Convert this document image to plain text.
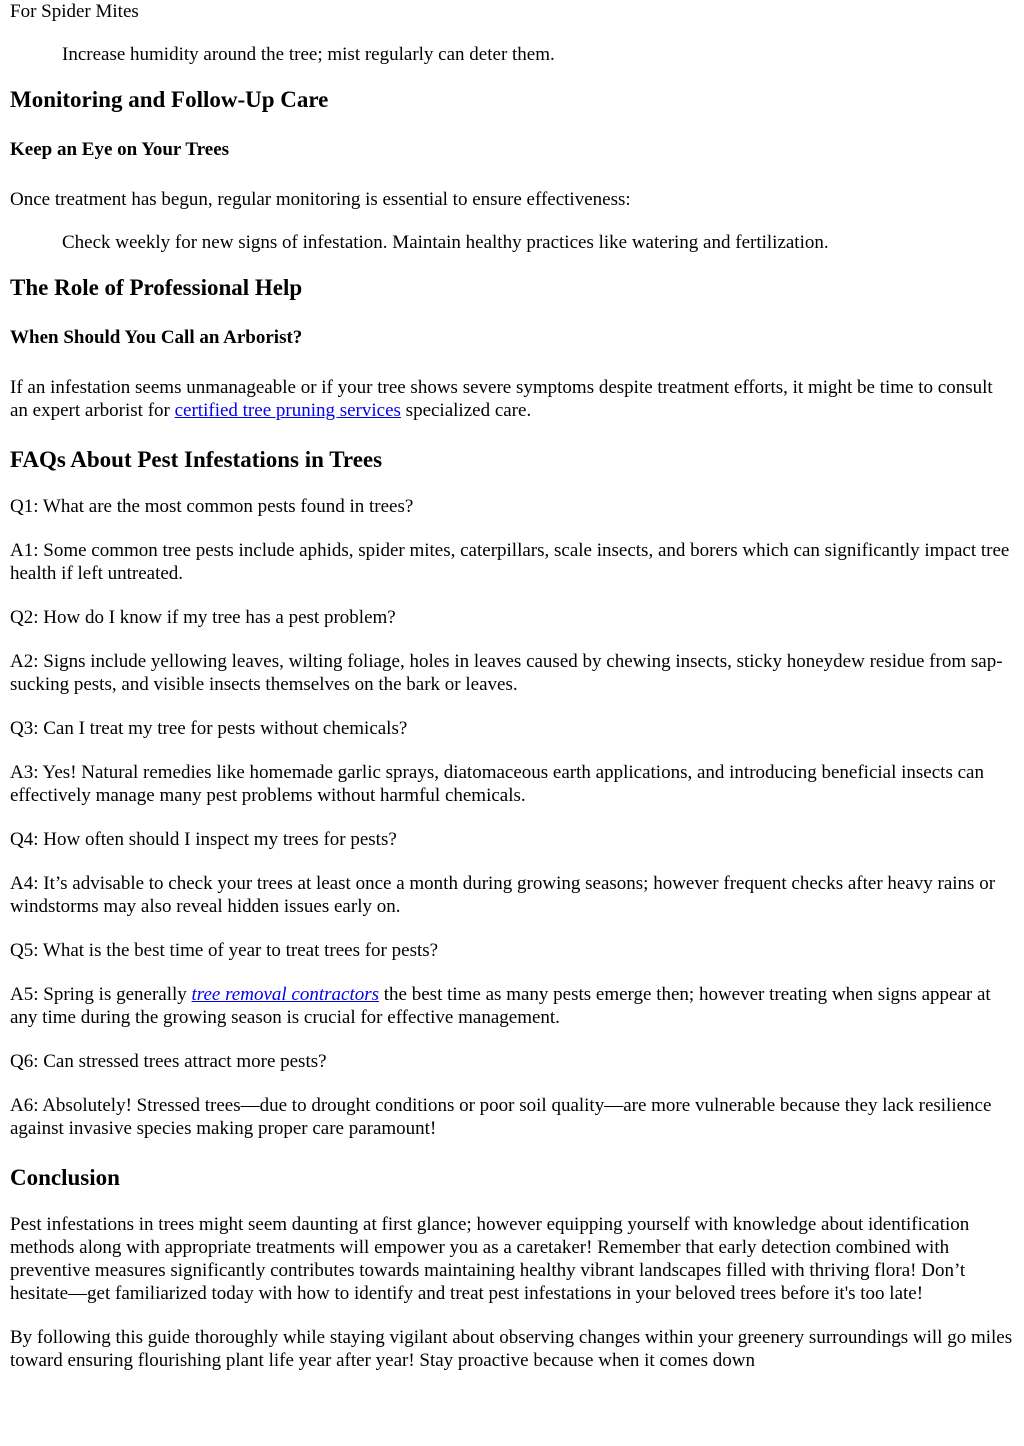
For Spider Mites

Increase humidity around the tree; mist regularly can deter them.

Monitoring and Follow-Up Care
Keep an Eye on Your Trees

Once treatment has begun, regular monitoring is essential to ensure effectiveness:

Check weekly for new signs of infestation. Maintain healthy practices like watering and fertilization.

The Role of Professional Help
When Should You Call an Arborist?

If an infestation seems unmanageable or if your tree shows severe symptoms despite treatment efforts, it might be time to consult an expert arborist for certified tree pruning services specialized care.

FAQs About Pest Infestations in Trees

Q1: What are the most common pests found in trees?

A1: Some common tree pests include aphids, spider mites, caterpillars, scale insects, and borers which can significantly impact tree health if left untreated.

Q2: How do I know if my tree has a pest problem?

A2: Signs include yellowing leaves, wilting foliage, holes in leaves caused by chewing insects, sticky honeydew residue from sap-sucking pests, and visible insects themselves on the bark or leaves.

Q3: Can I treat my tree for pests without chemicals?

A3: Yes! Natural remedies like homemade garlic sprays, diatomaceous earth applications, and introducing beneficial insects can effectively manage many pest problems without harmful chemicals.

Q4: How often should I inspect my trees for pests?

A4: It’s advisable to check your trees at least once a month during growing seasons; however frequent checks after heavy rains or windstorms may also reveal hidden issues early on.

Q5: What is the best time of year to treat trees for pests?

A5: Spring is generally tree removal contractors the best time as many pests emerge then; however treating when signs appear at any time during the growing season is crucial for effective management.

Q6: Can stressed trees attract more pests?

A6: Absolutely! Stressed trees—due to drought conditions or poor soil quality—are more vulnerable because they lack resilience against invasive species making proper care paramount!

Conclusion

Pest infestations in trees might seem daunting at first glance; however equipping yourself with knowledge about identification methods along with appropriate treatments will empower you as a caretaker! Remember that early detection combined with preventive measures significantly contributes towards maintaining healthy vibrant landscapes filled with thriving flora! Don’t hesitate—get familiarized today with how to identify and treat pest infestations in your beloved trees before it's too late!

By following this guide thoroughly while staying vigilant about observing changes within your greenery surroundings will go miles toward ensuring flourishing plant life year after year! Stay proactive because when it comes down
